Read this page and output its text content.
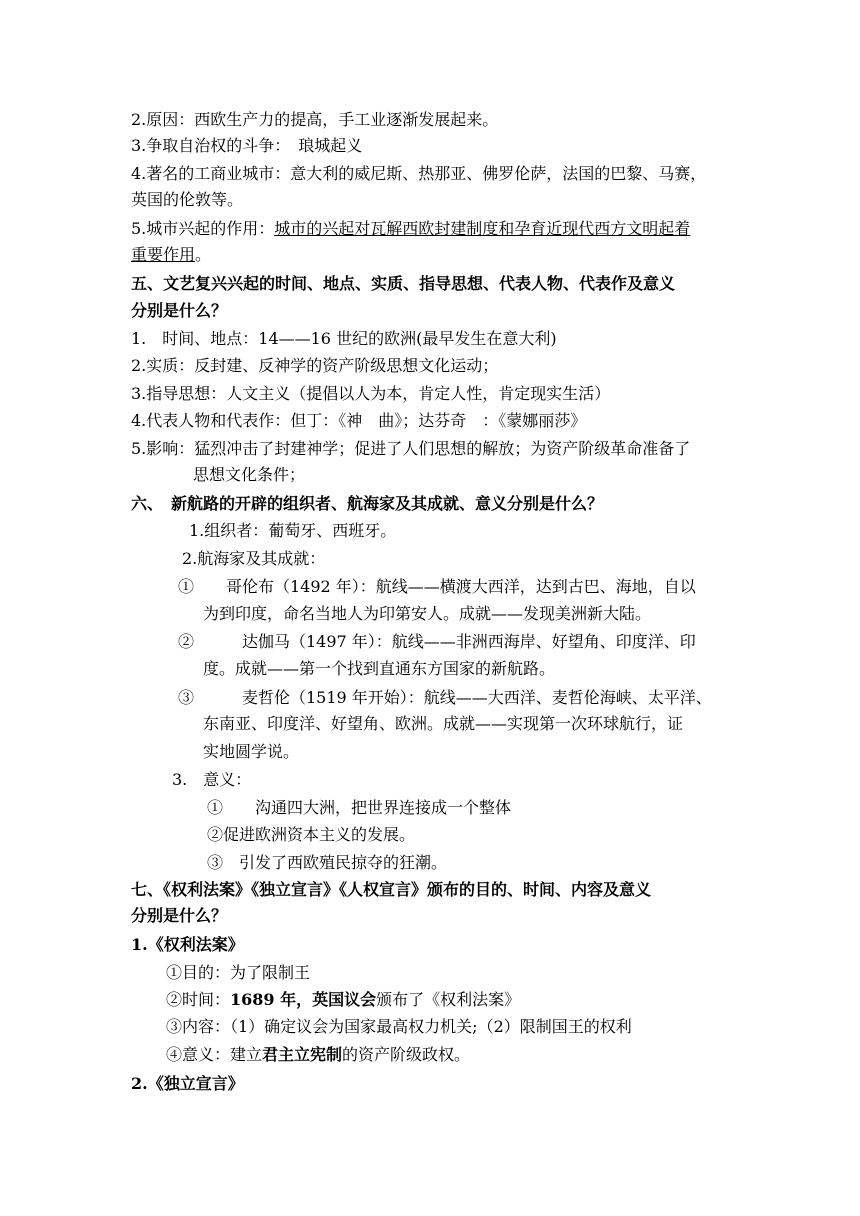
2.原因：西欧生产力的提高，手工业逐渐发展起来。
3.争取自治权的斗争：　琅城起义
4.著名的工商业城市：意大利的威尼斯、热那亚、佛罗伦萨，法国的巴黎、马赛，
英国的伦敦等。
5.城市兴起的作用：城市的兴起对瓦解西欧封建制度和孕育近现代西方文明起着
重要作用。
五、文艺复兴兴起的时间、地点、实质、指导思想、代表人物、代表作及意义
分别是什么？
1.　时间、地点：14——16 世纪的欧洲(最早发生在意大利)
2.实质：反封建、反神学的资产阶级思想文化运动；
3.指导思想：人文主义（提倡以人为本，肯定人性，肯定现实生活）
4.代表人物和代表作：但丁：《神　曲》；达芬奇　：《蒙娜丽莎》
5.影响：猛烈冲击了封建神学；促进了人们思想的解放；为资产阶级革命准备了
思想文化条件；
六、　新航路的开辟的组织者、航海家及其成就、意义分别是什么？
1.组织者：葡萄牙、西班牙。
2.航海家及其成就：
①　　哥伦布（1492 年）：航线——横渡大西洋，达到古巴、海地，自以
为到印度，命名当地人为印第安人。成就——发现美洲新大陆。
②　　　达伽马（1497 年）：航线——非洲西海岸、好望角、印度洋、印
度。成就——第一个找到直通东方国家的新航路。
③　　　麦哲伦（1519 年开始）：航线——大西洋、麦哲伦海峡、太平洋、
东南亚、印度洋、好望角、欧洲。成就——实现第一次环球航行，证
实地圆学说。
3.　意义：
①　　沟通四大洲，把世界连接成一个整体
②促进欧洲资本主义的发展。
③　引发了西欧殖民掠夺的狂潮。
七、《权利法案》《独立宣言》《人权宣言》颁布的目的、时间、内容及意义
分别是什么？
1.《权利法案》
①目的：为了限制王
②时间：1689 年，英国议会颁布了《权利法案》
③内容：（1）确定议会为国家最高权力机关;（2）限制国王的权利
④意义：建立君主立宪制的资产阶级政权。
2.《独立宣言》
